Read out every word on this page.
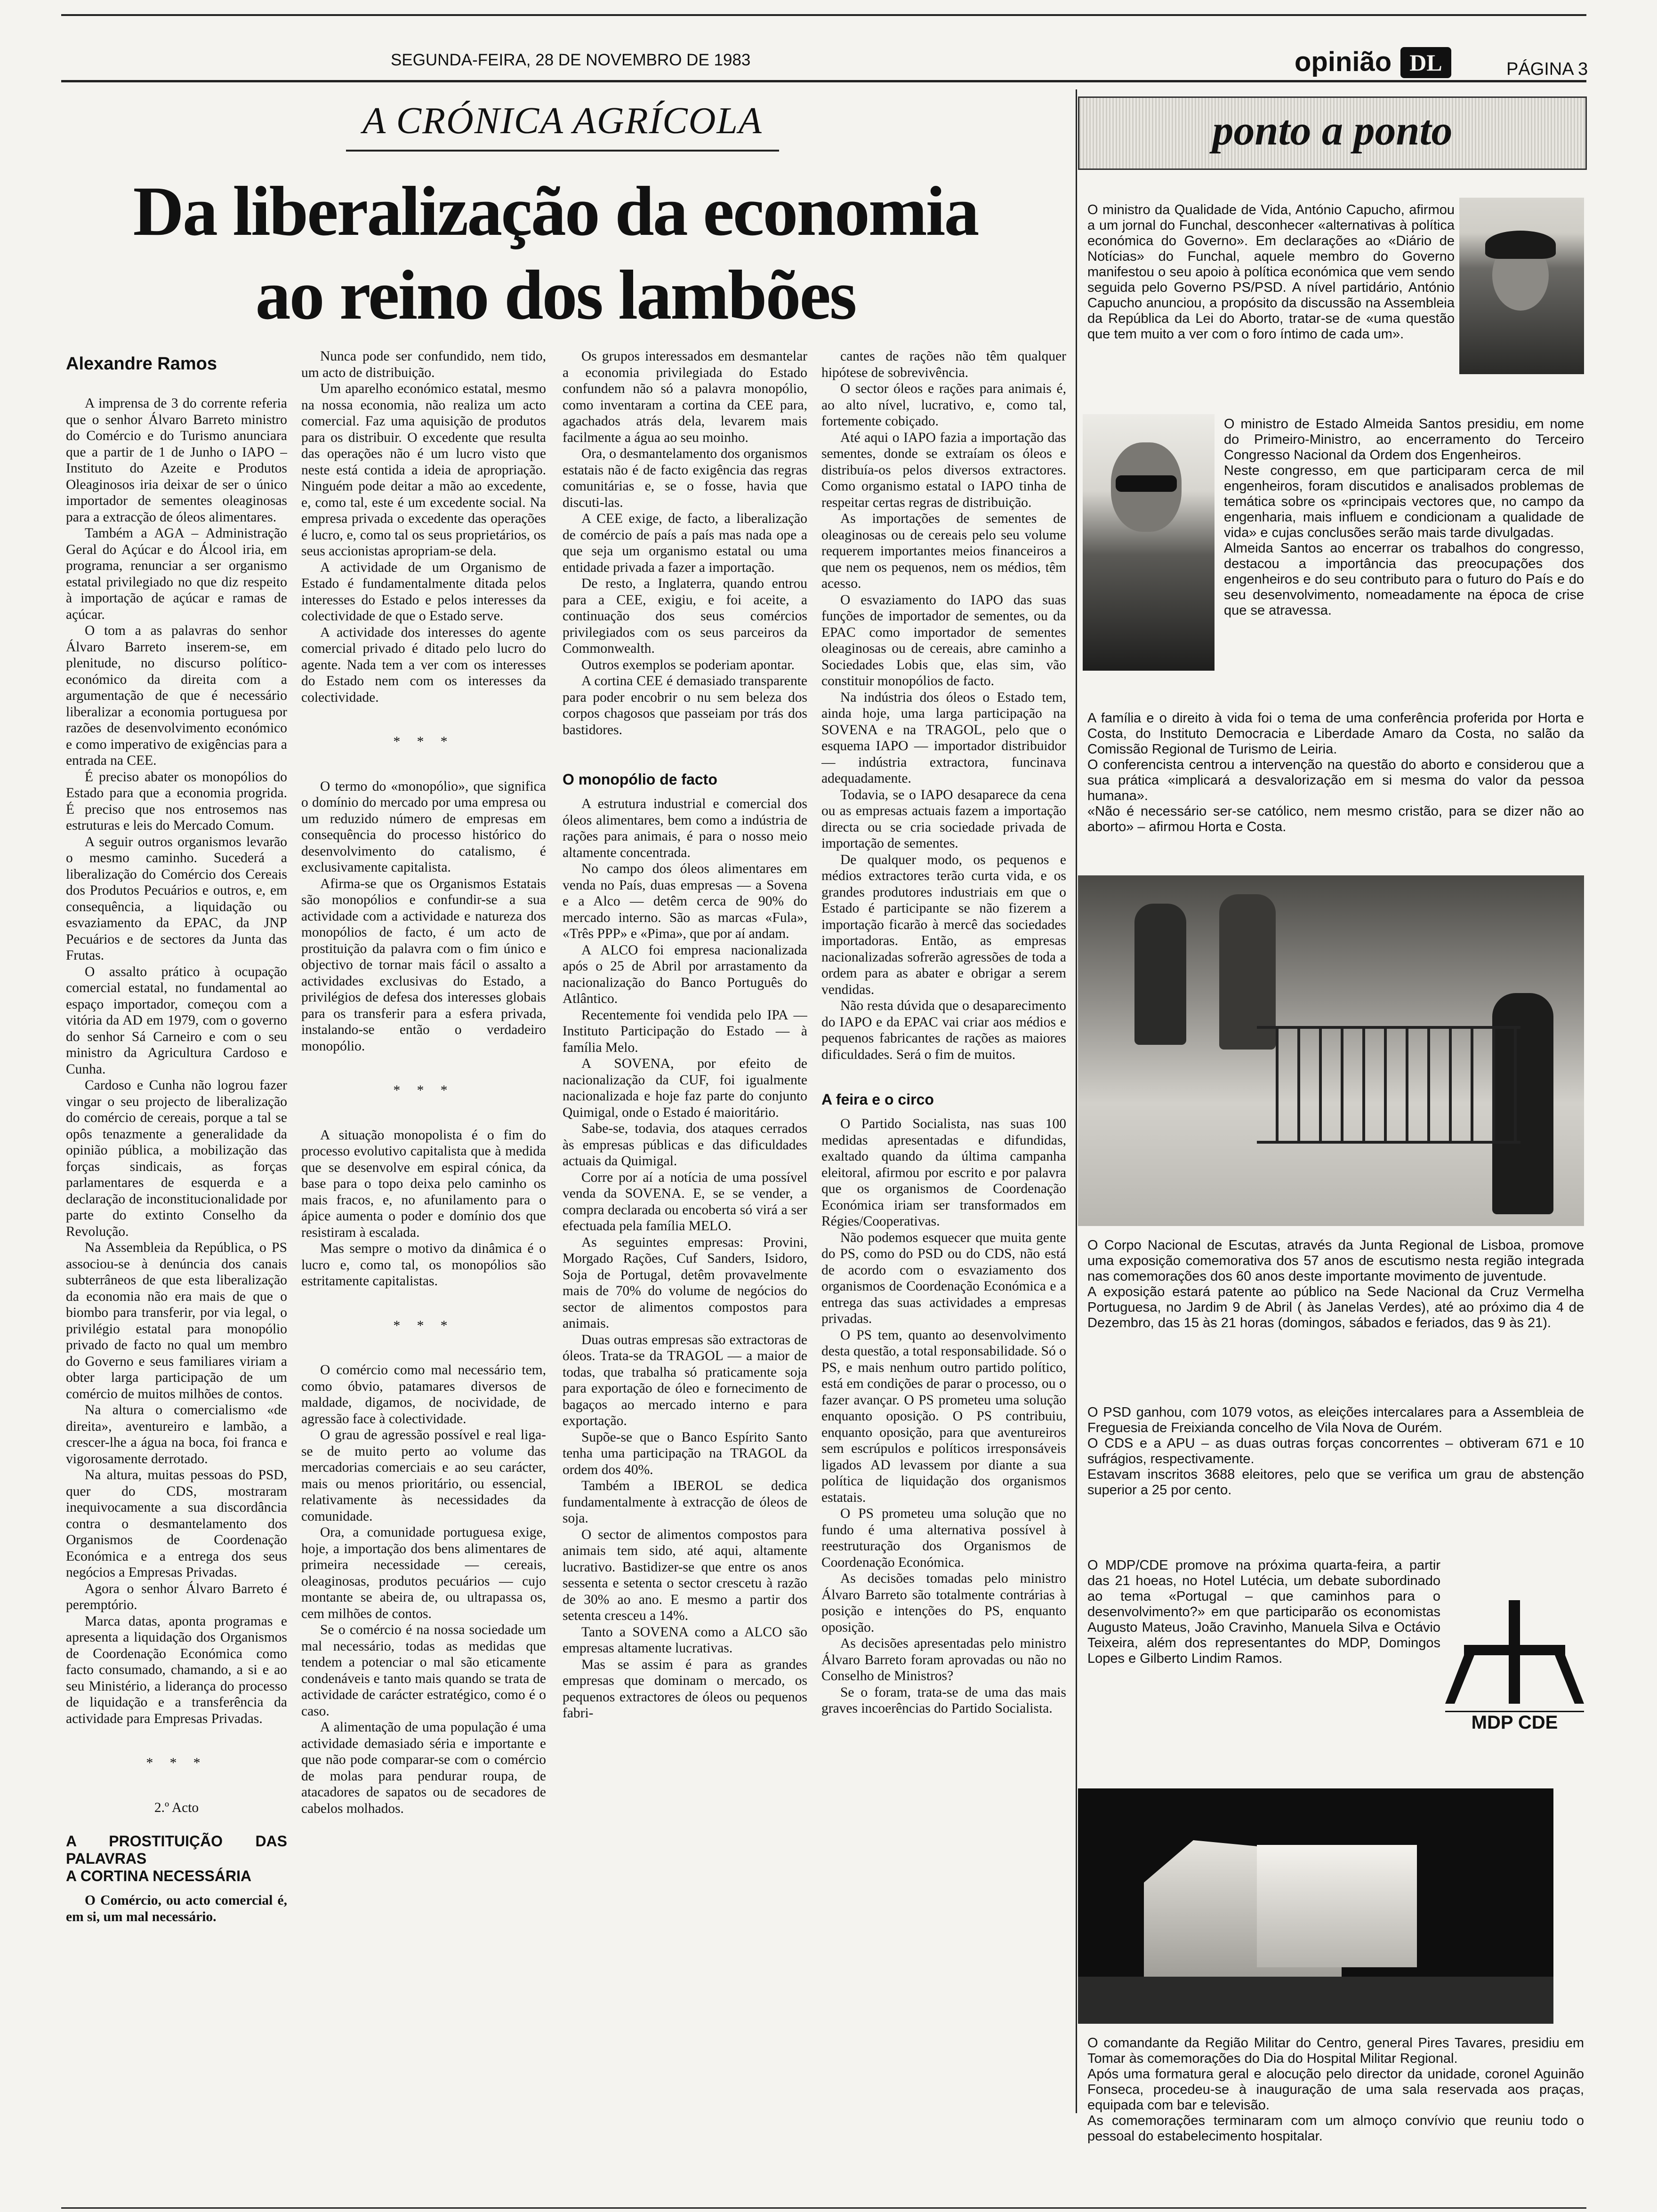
SEGUNDA-FEIRA, 28 DE NOVEMBRO DE 1983	opinião DL	PÁGINA 3
A CRÓNICA AGRÍCOLA
Da liberalização da economia
ao reino dos lambões
Alexandre Ramos

A imprensa de 3 do corrente referia que o senhor Álvaro Barreto ministro do Comércio e do Turismo anunciara que a partir de 1 de Junho o IAPO – Instituto do Azeite e Produtos Oleaginosos iria deixar de ser o único importador de sementes oleaginosas para a extracção de óleos alimentares.

Também a AGA – Administração Geral do Açúcar e do Álcool iria, em programa, renunciar a ser organismo estatal privilegiado no que diz respeito à importação de açúcar e ramas de açúcar.

O tom a as palavras do senhor Álvaro Barreto inserem-se, em plenitude, no discurso político-económico da direita com a argumentação de que é necessário liberalizar a economia portuguesa por razões de desenvolvimento económico e como imperativo de exigências para a entrada na CEE.

É preciso abater os monopólios do Estado para que a economia progrida. É preciso que nos entrosemos nas estruturas e leis do Mercado Comum.

A seguir outros organismos levarão o mesmo caminho. Sucederá a liberalização do Comércio dos Cereais dos Produtos Pecuários e outros, e, em consequência, a liquidação ou esvaziamento da EPAC, da JNP Pecuários e de sectores da Junta das Frutas.

O assalto prático à ocupação comercial estatal, no fundamental ao espaço importador, começou com a vitória da AD em 1979, com o governo do senhor Sá Carneiro e com o seu ministro da Agricultura Cardoso e Cunha.

Cardoso e Cunha não logrou fazer vingar o seu projecto de liberalização do comércio de cereais, porque a tal se opôs tenazmente a generalidade da opinião pública, a mobilização das forças sindicais, as forças parlamentares de esquerda e a declaração de inconstitucionalidade por parte do extinto Conselho da Revolução.

Na Assembleia da República, o PS associou-se à denúncia dos canais subterrâneos de que esta liberalização da economia não era mais de que o biombo para transferir, por via legal, o privilégio estatal para monopólio privado de facto no qual um membro do Governo e seus familiares viriam a obter larga participação de um comércio de muitos milhões de contos.

Na altura o comercialismo «de direita», aventureiro e lambão, a crescer-lhe a água na boca, foi franca e vigorosamente derrotado.

Na altura, muitas pessoas do PSD, quer do CDS, mostraram inequivocamente a sua discordância contra o desmantelamento dos Organismos de Coordenação Económica e a entrega dos seus negócios a Empresas Privadas.

Agora o senhor Álvaro Barreto é peremptório.

Marca datas, aponta programas e apresenta a liquidação dos Organismos de Coordenação Económica como facto consumado, chamando, a si e ao seu Ministério, a liderança do processo de liquidação e a transferência da actividade para Empresas Privadas.

* * *

2.º Acto

A PROSTITUIÇÃO DAS PALAVRAS
A CORTINA NECESSÁRIA

O Comércio, ou acto comercial é, em si, um mal necessário.

Nunca pode ser confundido, nem tido, um acto de distribuição.

Um aparelho económico estatal, mesmo na nossa economia, não realiza um acto comercial. Faz uma aquisição de produtos para os distribuir. O excedente que resulta das operações não é um lucro visto que neste está contida a ideia de apropriação. Ninguém pode deitar a mão ao excedente, e, como tal, este é um excedente social. Na empresa privada o excedente das operações é lucro, e, como tal os seus proprietários, os seus accionistas apropriam-se dela.

A actividade de um Organismo de Estado é fundamentalmente ditada pelos interesses do Estado e pelos interesses da colectividade de que o Estado serve.

A actividade dos interesses do agente comercial privado é ditado pelo lucro do agente. Nada tem a ver com os interesses do Estado nem com os interesses da colectividade.

* * *

O termo do «monopólio», que significa o domínio do mercado por uma empresa ou um reduzido número de empresas em consequência do processo histórico do desenvolvimento do catalismo, é exclusivamente capitalista.

Afirma-se que os Organismos Estatais são monopólios e confundir-se a sua actividade com a actividade e natureza dos monopólios de facto, é um acto de prostituição da palavra com o fim único e objectivo de tornar mais fácil o assalto a actividades exclusivas do Estado, a privilégios de defesa dos interesses globais para os transferir para a esfera privada, instalando-se então o verdadeiro monopólio.

* * *

A situação monopolista é o fim do processo evolutivo capitalista que à medida que se desenvolve em espiral cónica, da base para o topo deixa pelo caminho os mais fracos, e, no afunilamento para o ápice aumenta o poder e domínio dos que resistiram à escalada.

Mas sempre o motivo da dinâmica é o lucro e, como tal, os monopólios são estritamente capitalistas.

* * *

O comércio como mal necessário tem, como óbvio, patamares diversos de maldade, digamos, de nocividade, de agressão face à colectividade.

O grau de agressão possível e real liga-se de muito perto ao volume das mercadorias comerciais e ao seu carácter, mais ou menos prioritário, ou essencial, relativamente às necessidades da comunidade.

Ora, a comunidade portuguesa exige, hoje, a importação dos bens alimentares de primeira necessidade — cereais, oleaginosas, produtos pecuários — cujo montante se abeira de, ou ultrapassa os, cem milhões de contos.

Se o comércio é na nossa sociedade um mal necessário, todas as medidas que tendem a potenciar o mal são eticamente condenáveis e tanto mais quando se trata de actividade de carácter estratégico, como é o caso.

A alimentação de uma população é uma actividade demasiado séria e importante e que não pode comparar-se com o comércio de molas para pendurar roupa, de atacadores de sapatos ou de secadores de cabelos molhados.

Os grupos interessados em desmantelar a economia privilegiada do Estado confundem não só a palavra monopólio, como inventaram a cortina da CEE para, agachados atrás dela, levarem mais facilmente a água ao seu moinho.

Ora, o desmantelamento dos organismos estatais não é de facto exigência das regras comunitárias e, se o fosse, havia que discuti-las.

A CEE exige, de facto, a liberalização de comércio de país a país mas nada ope a que seja um organismo estatal ou uma entidade privada a fazer a importação.

De resto, a Inglaterra, quando entrou para a CEE, exigiu, e foi aceite, a continuação dos seus comércios privilegiados com os seus parceiros da Commonwealth.

Outros exemplos se poderiam apontar.

A cortina CEE é demasiado transparente para poder encobrir o nu sem beleza dos corpos chagosos que passeiam por trás dos bastidores.

O monopólio de facto

A estrutura industrial e comercial dos óleos alimentares, bem como a indústria de rações para animais, é para o nosso meio altamente concentrada.

No campo dos óleos alimentares em venda no País, duas empresas — a Sovena e a Alco — detêm cerca de 90% do mercado interno. São as marcas «Fula», «Três PPP» e «Pima», que por aí andam.

A ALCO foi empresa nacionalizada após o 25 de Abril por arrastamento da nacionalização do Banco Português do Atlântico.

Recentemente foi vendida pelo IPA — Instituto Participação do Estado — à família Melo.

A SOVENA, por efeito de nacionalização da CUF, foi igualmente nacionalizada e hoje faz parte do conjunto Quimigal, onde o Estado é maioritário.

Sabe-se, todavia, dos ataques cerrados às empresas públicas e das dificuldades actuais da Quimigal.

Corre por aí a notícia de uma possível venda da SOVENA. E, se se vender, a compra declarada ou encoberta só virá a ser efectuada pela família MELO.

As seguintes empresas: Provini, Morgado Rações, Cuf Sanders, Isidoro, Soja de Portugal, detêm provavelmente mais de 70% do volume de negócios do sector de alimentos compostos para animais.

Duas outras empresas são extractoras de óleos. Trata-se da TRAGOL — a maior de todas, que trabalha só praticamente soja para exportação de óleo e fornecimento de bagaços ao mercado interno e para exportação.

Supõe-se que o Banco Espírito Santo tenha uma participação na TRAGOL da ordem dos 40%.

Também a IBEROL se dedica fundamentalmente à extracção de óleos de soja.

O sector de alimentos compostos para animais tem sido, até aqui, altamente lucrativo. Bastidizer-se que entre os anos sessenta e setenta o sector crescetu à razão de 30% ao ano. E mesmo a partir dos setenta cresceu a 14%.

Tanto a SOVENA como a ALCO são empresas altamente lucrativas.

Mas se assim é para as grandes empresas que dominam o mercado, os pequenos extractores de óleos ou pequenos fabri-

cantes de rações não têm qualquer hipótese de sobrevivência.

O sector óleos e rações para animais é, ao alto nível, lucrativo, e, como tal, fortemente cobiçado.

Até aqui o IAPO fazia a importação das sementes, donde se extraíam os óleos e distribuía-os pelos diversos extractores. Como organismo estatal o IAPO tinha de respeitar certas regras de distribuição.

As importações de sementes de oleaginosas ou de cereais pelo seu volume requerem importantes meios financeiros a que nem os pequenos, nem os médios, têm acesso.

O esvaziamento do IAPO das suas funções de importador de sementes, ou da EPAC como importador de sementes oleaginosas ou de cereais, abre caminho a Sociedades Lobis que, elas sim, vão constituir monopólios de facto.

Na indústria dos óleos o Estado tem, ainda hoje, uma larga participação na SOVENA e na TRAGOL, pelo que o esquema IAPO — importador distribuidor — indústria extractora, funcinava adequadamente.

Todavia, se o IAPO desaparece da cena ou as empresas actuais fazem a importação directa ou se cria sociedade privada de importação de sementes.

De qualquer modo, os pequenos e médios extractores terão curta vida, e os grandes produtores industriais em que o Estado é participante se não fizerem a importação ficarão à mercê das sociedades importadoras. Então, as empresas nacionalizadas sofrerão agressões de toda a ordem para as abater e obrigar a serem vendidas.

Não resta dúvida que o desaparecimento do IAPO e da EPAC vai criar aos médios e pequenos fabricantes de rações as maiores dificuldades. Será o fim de muitos.

A feira e o circo

O Partido Socialista, nas suas 100 medidas apresentadas e difundidas, exaltado quando da última campanha eleitoral, afirmou por escrito e por palavra que os organismos de Coordenação Económica iriam ser transformados em Régies/Cooperativas.

Não podemos esquecer que muita gente do PS, como do PSD ou do CDS, não está de acordo com o esvaziamento dos organismos de Coordenação Económica e a entrega das suas actividades a empresas privadas.

O PS tem, quanto ao desenvolvimento desta questão, a total responsabilidade. Só o PS, e mais nenhum outro partido político, está em condições de parar o processo, ou o fazer avançar. O PS prometeu uma solução enquanto oposição. O PS contribuiu, enquanto oposição, para que aventureiros sem escrúpulos e políticos irresponsáveis ligados AD levassem por diante a sua política de liquidação dos organismos estatais.

O PS prometeu uma solução que no fundo é uma alternativa possível à reestruturação dos Organismos de Coordenação Económica.

As decisões tomadas pelo ministro Álvaro Barreto são totalmente contrárias à posição e intenções do PS, enquanto oposição.

As decisões apresentadas pelo ministro Álvaro Barreto foram aprovadas ou não no Conselho de Ministros?

Se o foram, trata-se de uma das mais graves incoerências do Partido Socialista.

ponto a ponto

O ministro da Qualidade de Vida, António Capucho, afirmou a um jornal do Funchal, desconhecer «alternativas à política económica do Governo». Em declarações ao «Diário de Notícias» do Funchal, aquele membro do Governo manifestou o seu apoio à política económica que vem sendo seguida pelo Governo PS/PSD. A nível partidário, António Capucho anunciou, a propósito da discussão na Assembleia da República da Lei do Aborto, tratar-se de «uma questão que tem muito a ver com o foro íntimo de cada um».

O ministro de Estado Almeida Santos presidiu, em nome do Primeiro-Ministro, ao encerramento do Terceiro Congresso Nacional da Ordem dos Engenheiros.
Neste congresso, em que participaram cerca de mil engenheiros, foram discutidos e analisados problemas de temática sobre os «principais vectores que, no campo da engenharia, mais influem e condicionam a qualidade de vida» e cujas conclusões serão mais tarde divulgadas.
Almeida Santos ao encerrar os trabalhos do congresso, destacou a importância das preocupações dos engenheiros e do seu contributo para o futuro do País e do seu desenvolvimento, nomeadamente na época de crise que se atravessa.

A família e o direito à vida foi o tema de uma conferência proferida por Horta e Costa, do Instituto Democracia e Liberdade Amaro da Costa, no salão da Comissão Regional de Turismo de Leiria.
O conferencista centrou a intervenção na questão do aborto e considerou que a sua prática «implicará a desvalorização em si mesma do valor da pessoa humana».
«Não é necessário ser-se católico, nem mesmo cristão, para se dizer não ao aborto» – afirmou Horta e Costa.

O Corpo Nacional de Escutas, através da Junta Regional de Lisboa, promove uma exposição comemorativa dos 57 anos de escutismo nesta região integrada nas comemorações dos 60 anos deste importante movimento de juventude.
A exposição estará patente ao público na Sede Nacional da Cruz Vermelha Portuguesa, no Jardim 9 de Abril ( às Janelas Verdes), até ao próximo dia 4 de Dezembro, das 15 às 21 horas (domingos, sábados e feriados, das 9 às 21).

O PSD ganhou, com 1079 votos, as eleições intercalares para a Assembleia de Freguesia de Freixianda concelho de Vila Nova de Ourém.
O CDS e a APU – as duas outras forças concorrentes – obtiveram 671 e 10 sufrágios, respectivamente.
Estavam inscritos 3688 eleitores, pelo que se verifica um grau de abstenção superior a 25 por cento.

O MDP/CDE promove na próxima quarta-feira, a partir das 21 hoeas, no Hotel Lutécia, um debate subordinado ao tema «Portugal – que caminhos para o desenvolvimento?» em que participarão os economistas Augusto Mateus, João Cravinho, Manuela Silva e Octávio Teixeira, além dos representantes do MDP, Domingos Lopes e Gilberto Lindim Ramos.

MDP CDE

O comandante da Região Militar do Centro, general Pires Tavares, presidiu em Tomar às comemorações do Dia do Hospital Militar Regional.
Após uma formatura geral e alocução pelo director da unidade, coronel Aguinão Fonseca, procedeu-se à inauguração de uma sala reservada aos praças, equipada com bar e televisão.
As comemorações terminaram com um almoço convívio que reuniu todo o pessoal do estabelecimento hospitalar.
